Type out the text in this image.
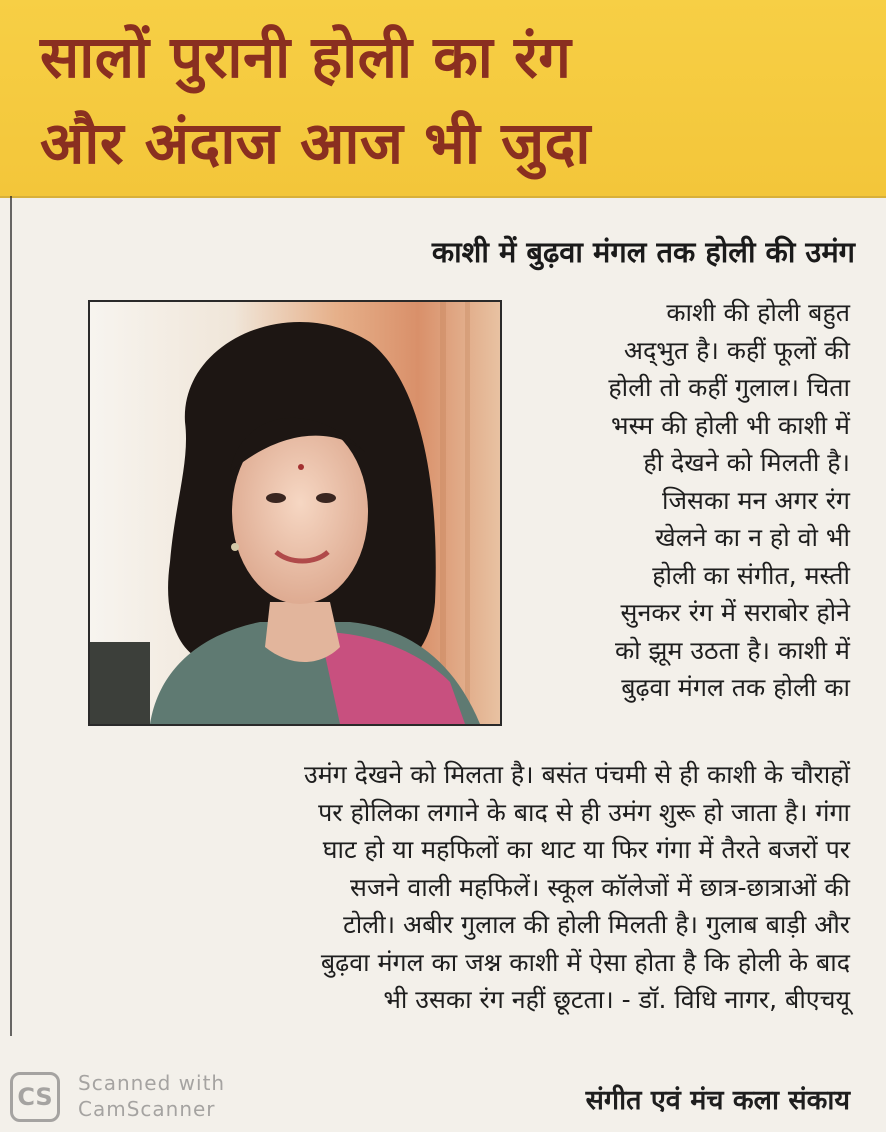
सालों पुरानी होली का रंग
और अंदाज आज भी जुदा
काशी में बुढ़वा मंगल तक होली की उमंग
काशी की होली बहुत
अद्‌भुत है। कहीं फूलों की
होली तो कहीं गुलाल। चिता
भस्म की होली भी काशी में
ही देखने को मिलती है।
जिसका मन अगर रंग
खेलने का न हो वो भी
होली का संगीत, मस्ती
सुनकर रंग में सराबोर होने
को झूम उठता है। काशी में
बुढ़वा मंगल तक होली का
उमंग देखने को मिलता है। बसंत पंचमी से ही काशी के चौराहों
पर होलिका लगाने के बाद से ही उमंग शुरू हो जाता है। गंगा
घाट हो या महफिलों का थाट या फिर गंगा में तैरते बजरों पर
सजने वाली महफिलें। स्कूल कॉलेजों में छात्र-छात्राओं की
टोली। अबीर गुलाल की होली मिलती है। गुलाब बाड़ी और
बुढ़वा मंगल का जश्न काशी में ऐसा होता है कि होली के बाद
भी उसका रंग नहीं छूटता। - डॉ. विधि नागर, बीएचयू
संगीत एवं मंच कला संकाय
CS	Scanned with
CamScanner
